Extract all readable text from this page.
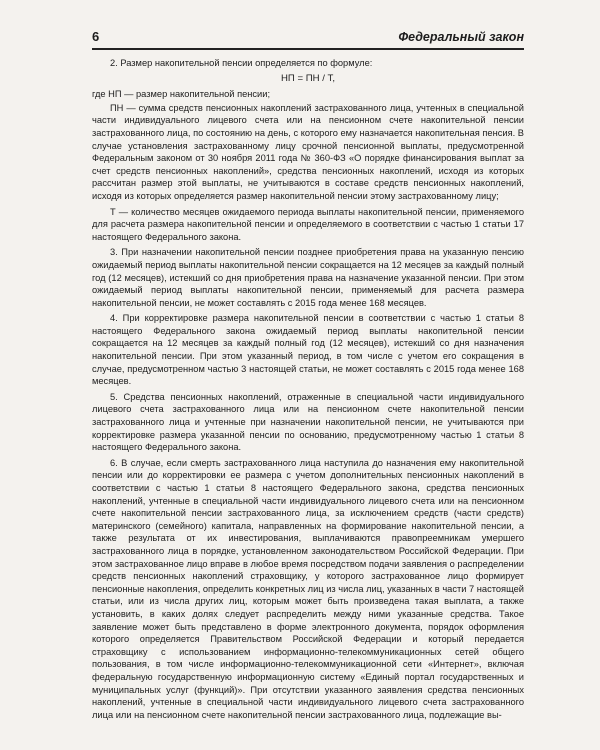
6	Федеральный закон

2. Размер накопительной пенсии определяется по формуле:

НП = ПН / Т,

где НП — размер накопительной пенсии;

ПН — сумма средств пенсионных накоплений застрахованного лица, учтенных в специальной части индивидуального лицевого счета или на пенсионном счете накопительной пенсии застрахованного лица, по состоянию на день, с которого ему назначается накопительная пенсия. В случае установления застрахованному лицу срочной пенсионной выплаты, предусмотренной Федеральным законом от 30 ноября 2011 года № 360-ФЗ «О порядке финансирования выплат за счет средств пенсионных накоплений», средства пенсионных накоплений, исходя из которых рассчитан размер этой выплаты, не учитываются в составе средств пенсионных накоплений, исходя из которых определяется размер накопительной пенсии этому застрахованному лицу;

Т — количество месяцев ожидаемого периода выплаты накопительной пенсии, применяемого для расчета размера накопительной пенсии и определяемого в соответствии с частью 1 статьи 17 настоящего Федерального закона.

3. При назначении накопительной пенсии позднее приобретения права на указанную пенсию ожидаемый период выплаты накопительной пенсии сокращается на 12 месяцев за каждый полный год (12 месяцев), истекший со дня приобретения права на назначение указанной пенсии. При этом ожидаемый период выплаты накопительной пенсии, применяемый для расчета размера накопительной пенсии, не может составлять с 2015 года менее 168 месяцев.

4. При корректировке размера накопительной пенсии в соответствии с частью 1 статьи 8 настоящего Федерального закона ожидаемый период выплаты накопительной пенсии сокращается на 12 месяцев за каждый полный год (12 месяцев), истекший со дня назначения накопительной пенсии. При этом указанный период, в том числе с учетом его сокращения в случае, предусмотренном частью 3 настоящей статьи, не может составлять с 2015 года менее 168 месяцев.

5. Средства пенсионных накоплений, отраженные в специальной части индивидуального лицевого счета застрахованного лица или на пенсионном счете накопительной пенсии застрахованного лица и учтенные при назначении накопительной пенсии, не учитываются при корректировке размера указанной пенсии по основанию, предусмотренному частью 1 статьи 8 настоящего Федерального закона.

6. В случае, если смерть застрахованного лица наступила до назначения ему накопительной пенсии или до корректировки ее размера с учетом дополнительных пенсионных накоплений в соответствии с частью 1 статьи 8 настоящего Федерального закона, средства пенсионных накоплений, учтенные в специальной части индивидуального лицевого счета или на пенсионном счете накопительной пенсии застрахованного лица, за исключением средств (части средств) материнского (семейного) капитала, направленных на формирование накопительной пенсии, а также результата от их инвестирования, выплачиваются правопреемникам умершего застрахованного лица в порядке, установленном законодательством Российской Федерации. При этом застрахованное лицо вправе в любое время посредством подачи заявления о распределении средств пенсионных накоплений страховщику, у которого застрахованное лицо формирует пенсионные накопления, определить конкретных лиц из числа лиц, указанных в части 7 настоящей статьи, или из числа других лиц, которым может быть произведена такая выплата, а также установить, в каких долях следует распределить между ними указанные средства. Такое заявление может быть представлено в форме электронного документа, порядок оформления которого определяется Правительством Российской Федерации и который передается страховщику с использованием информационно-телекоммуникационных сетей общего пользования, в том числе информационно-телекоммуникационной сети «Интернет», включая федеральную государственную информационную систему «Единый портал государственных и муниципальных услуг (функций)». При отсутствии указанного заявления средства пенсионных накоплений, учтенные в специальной части индивидуального лицевого счета застрахованного лица или на пенсионном счете накопительной пенсии застрахованного лица, подлежащие вы-
